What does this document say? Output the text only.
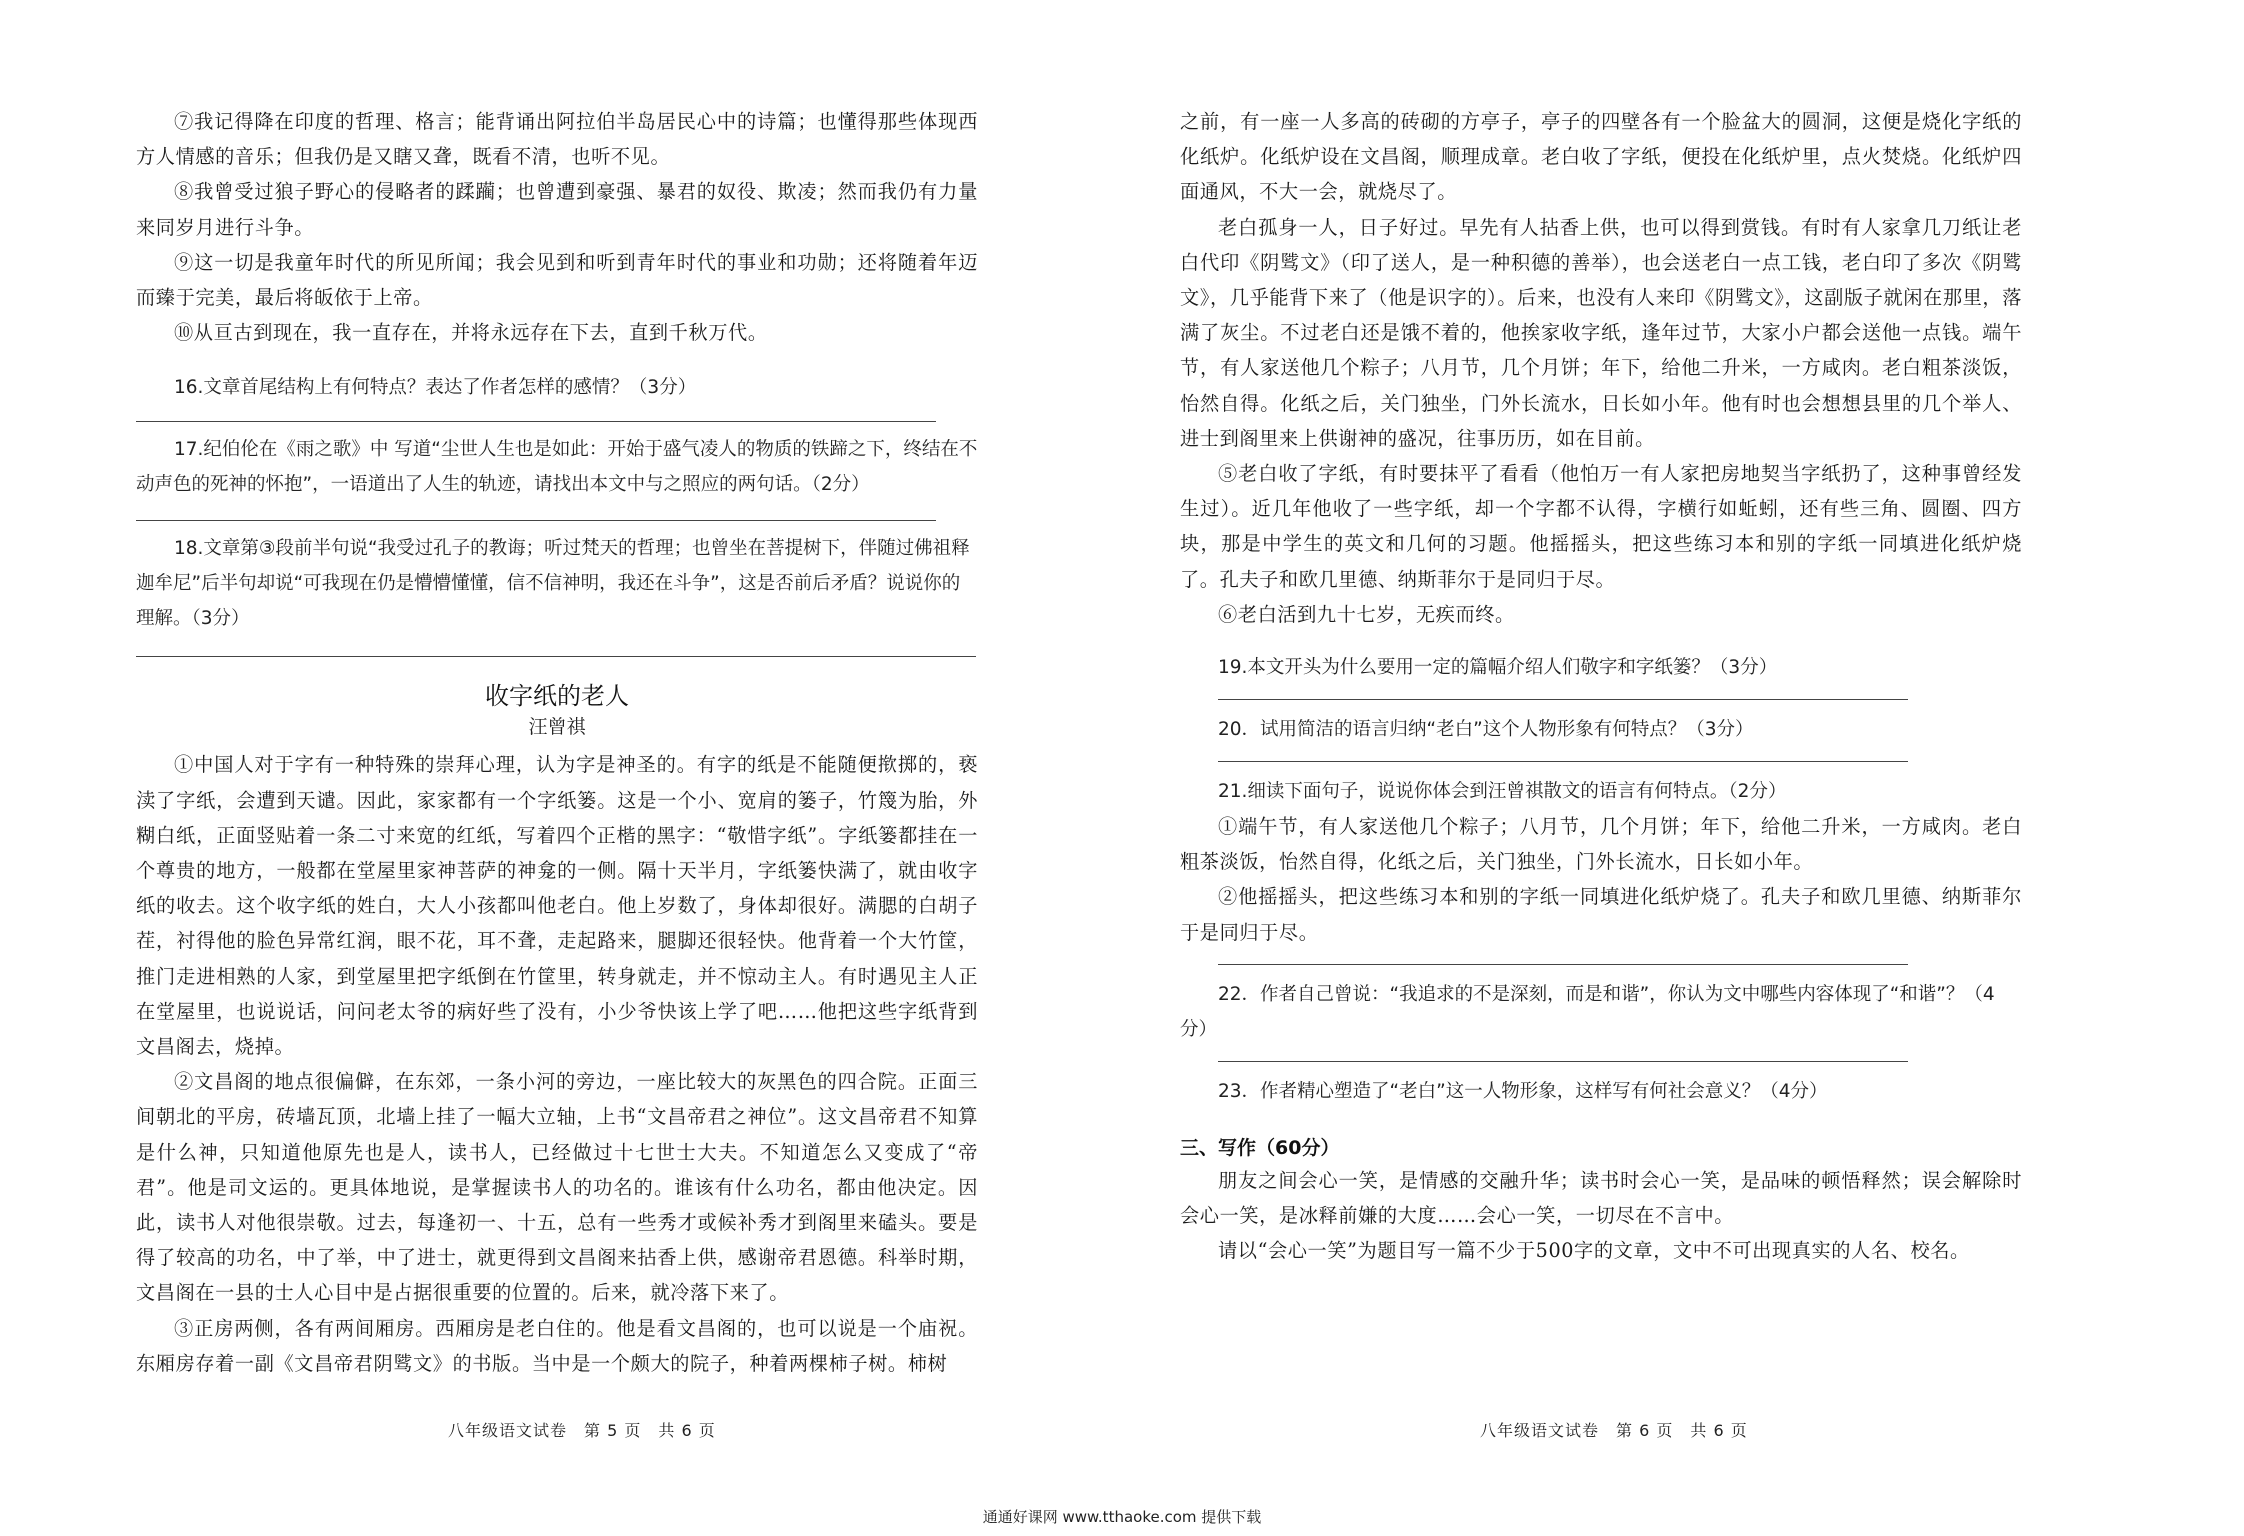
⑦我记得降在印度的哲理、格言；能背诵出阿拉伯半岛居民心中的诗篇；也懂得那些体现西方人情感的音乐；但我仍是又瞎又聋，既看不清，也听不见。

⑧我曾受过狼子野心的侵略者的蹂躏；也曾遭到豪强、暴君的奴役、欺凌；然而我仍有力量来同岁月进行斗争。

⑨这一切是我童年时代的所见所闻；我会见到和听到青年时代的事业和功勋；还将随着年迈而臻于完美，最后将皈依于上帝。

⑩从亘古到现在，我一直存在，并将永远存在下去，直到千秋万代。

16.文章首尾结构上有何特点？表达了作者怎样的感情？（3分）

17.纪伯伦在《雨之歌》中 写道“尘世人生也是如此：开始于盛气凌人的物质的铁蹄之下，终结在不动声色的死神的怀抱”，一语道出了人生的轨迹，请找出本文中与之照应的两句话。（2分）

18.文章第③段前半句说“我受过孔子的教诲；听过梵天的哲理；也曾坐在菩提树下，伴随过佛祖释迦牟尼”后半句却说“可我现在仍是懵懵懂懂，信不信神明，我还在斗争”，这是否前后矛盾？说说你的理解。（3分）

收字纸的老人

汪曾祺

①中国人对于字有一种特殊的崇拜心理，认为字是神圣的。有字的纸是不能随便揿掷的，亵渎了字纸，会遭到天谴。因此，家家都有一个字纸篓。这是一个小、宽肩的篓子，竹篾为胎，外糊白纸，正面竖贴着一条二寸来宽的红纸，写着四个正楷的黑字：“敬惜字纸”。字纸篓都挂在一个尊贵的地方，一般都在堂屋里家神菩萨的神龛的一侧。隔十天半月，字纸篓快满了，就由收字纸的收去。这个收字纸的姓白，大人小孩都叫他老白。他上岁数了，身体却很好。满腮的白胡子茬，衬得他的脸色异常红润，眼不花，耳不聋，走起路来，腿脚还很轻快。他背着一个大竹筐，推门走进相熟的人家，到堂屋里把字纸倒在竹筐里，转身就走，并不惊动主人。有时遇见主人正在堂屋里，也说说话，问问老太爷的病好些了没有，小少爷快该上学了吧……他把这些字纸背到文昌阁去，烧掉。

②文昌阁的地点很偏僻，在东郊，一条小河的旁边，一座比较大的灰黑色的四合院。正面三间朝北的平房，砖墙瓦顶，北墙上挂了一幅大立轴，上书“文昌帝君之神位”。这文昌帝君不知算是什么神，只知道他原先也是人，读书人，已经做过十七世士大夫。不知道怎么又变成了“帝君”。他是司文运的。更具体地说，是掌握读书人的功名的。谁该有什么功名，都由他决定。因此，读书人对他很崇敬。过去，每逢初一、十五，总有一些秀才或候补秀才到阁里来磕头。要是得了较高的功名，中了举，中了进士，就更得到文昌阁来拈香上供，感谢帝君恩德。科举时期，文昌阁在一县的士人心目中是占据很重要的位置的。后来，就冷落下来了。

③正房两侧，各有两间厢房。西厢房是老白住的。他是看文昌阁的，也可以说是一个庙祝。东厢房存着一副《文昌帝君阴骘文》的书版。当中是一个颇大的院子，种着两棵柿子树。柿树

八年级语文试卷　第 5 页　共 6 页

之前，有一座一人多高的砖砌的方亭子，亭子的四壁各有一个脸盆大的圆洞，这便是烧化字纸的化纸炉。化纸炉设在文昌阁，顺理成章。老白收了字纸，便投在化纸炉里，点火焚烧。化纸炉四面通风，不大一会，就烧尽了。

老白孤身一人，日子好过。早先有人拈香上供，也可以得到赏钱。有时有人家拿几刀纸让老白代印《阴骘文》（印了送人，是一种积德的善举），也会送老白一点工钱，老白印了多次《阴骘文》，几乎能背下来了（他是识字的）。后来，也没有人来印《阴骘文》，这副版子就闲在那里，落满了灰尘。不过老白还是饿不着的，他挨家收字纸，逢年过节，大家小户都会送他一点钱。端午节，有人家送他几个粽子；八月节，几个月饼；年下，给他二升米，一方咸肉。老白粗茶淡饭，怡然自得。化纸之后，关门独坐，门外长流水，日长如小年。他有时也会想想县里的几个举人、进士到阁里来上供谢神的盛况，往事历历，如在目前。

⑤老白收了字纸，有时要抹平了看看（他怕万一有人家把房地契当字纸扔了，这种事曾经发生过）。近几年他收了一些字纸，却一个字都不认得，字横行如蚯蚓，还有些三角、圆圈、四方块，那是中学生的英文和几何的习题。他摇摇头，把这些练习本和别的字纸一同填进化纸炉烧了。孔夫子和欧几里德、纳斯菲尔于是同归于尽。

⑥老白活到九十七岁，无疾而终。

19.本文开头为什么要用一定的篇幅介绍人们敬字和字纸篓？（3分）

20．试用简洁的语言归纳“老白”这个人物形象有何特点？（3分）

21.细读下面句子，说说你体会到汪曾祺散文的语言有何特点。（2分）

①端午节，有人家送他几个粽子；八月节，几个月饼；年下，给他二升米，一方咸肉。老白粗茶淡饭，怡然自得，化纸之后，关门独坐，门外长流水，日长如小年。

②他摇摇头，把这些练习本和别的字纸一同填进化纸炉烧了。孔夫子和欧几里德、纳斯菲尔于是同归于尽。

22．作者自己曾说：“我追求的不是深刻，而是和谐”，你认为文中哪些内容体现了“和谐”？（4分）

23．作者精心塑造了“老白”这一人物形象，这样写有何社会意义？（4分）

三、写作（60分）

朋友之间会心一笑，是情感的交融升华；读书时会心一笑，是品味的顿悟释然；误会解除时会心一笑，是冰释前嫌的大度……会心一笑，一切尽在不言中。

请以“会心一笑”为题目写一篇不少于500字的文章，文中不可出现真实的人名、校名。

八年级语文试卷　第 6 页　共 6 页
通通好课网 www.tthaoke.com 提供下载
